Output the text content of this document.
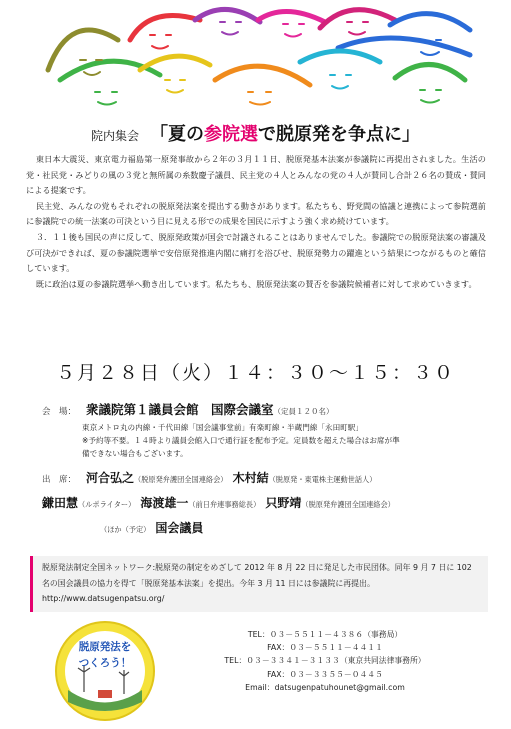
院内集会 「夏の参院選で脱原発を争点に」

東日本大震災、東京電力福島第一原発事故から２年の３月１１日、脱原発基本法案が参議院に再提出されました。生活の党・社民党・みどりの風の３党と無所属の糸数慶子議員、民主党の４人とみんなの党の４人が賛同し合計２６名の賛成・賛同による提案です。

民主党、みんなの党もそれぞれの脱原発法案を提出する動きがあります。私たちも、野党間の協議と連携によって参院選前に参議院での統一法案の可決という目に見える形での成果を国民に示すよう強く求め続けています。

３．１１後も国民の声に反して、脱原発政策が国会で討議されることはありませんでした。参議院での脱原発法案の審議及び可決ができれば、夏の参議院選挙で安倍原発推進内閣に痛打を浴びせ、脱原発勢力の躍進という結果につながるものと確信しています。

既に政治は夏の参議院選挙へ動き出しています。私たちも、脱原発法案の賛否を参議院候補者に対して求めていきます。

５月２８日（火）１４：３０～１５：３０
会　場： 衆議院第１議員会館　国際会議室（定員１２０名）
東京メトロ丸の内線・千代田線「国会議事堂前」有楽町線・半蔵門線「永田町駅」
※予約等不要。１４時より議員会館入口で通行証を配布予定。定員数を超えた場合はお席が準
備できない場合もございます。
出　席： 河合弘之（脱原発弁護団全国連絡会） 木村結（脱原発・東電株主運動世話人）
鎌田慧（ルポライター） 海渡雄一（前日弁連事務総長） 只野靖（脱原発弁護団全国連絡会）
（ほか（予定） 国会議員
脱原発法制定全国ネットワーク:脱原発の制定をめざして 2012 年 8 月 22 日に発足した市民団体。同年 9 月 7 日に 102 名の国会議員の協力を得て「脱原発基本法案」を提出。今年 3 月 11 日には参議院に再提出。http://www.datsugenpatsu.org/
脱原発法を
つくろう！
TEL：０３－５５１１－４３８６（事務局）
FAX：０３－５５１１－４４１１
TEL：０３－３３４１－３１３３（東京共同法律事務所）
FAX：０３－３３５５－０４４５
Email：datsugenpatuhounet@gmail.com
